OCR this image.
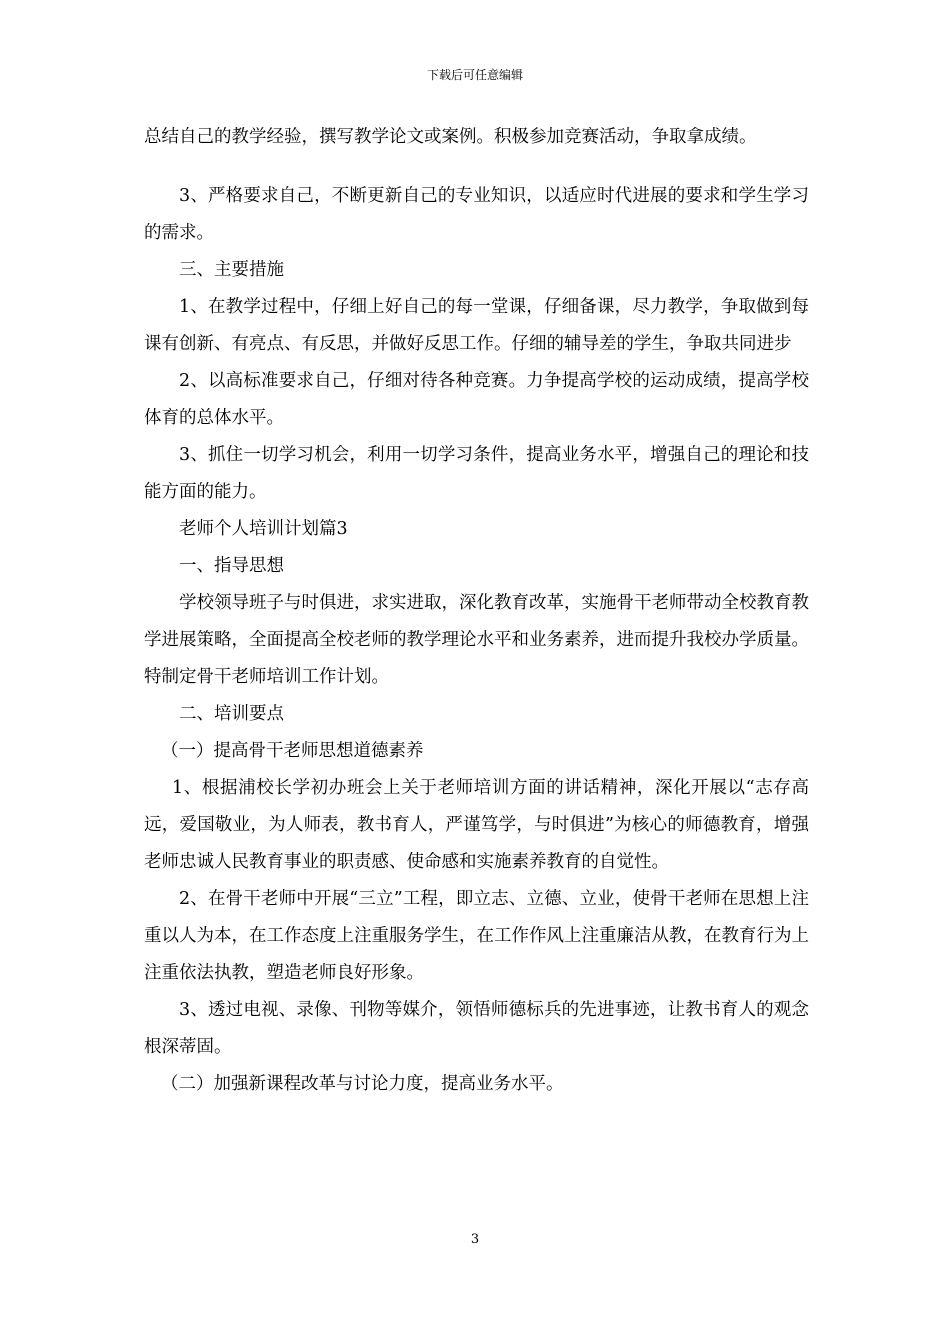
下载后可任意编辑

总结自己的教学经验，撰写教学论文或案例。积极参加竞赛活动，争取拿成绩。

3、严格要求自己，不断更新自己的专业知识，以适应时代进展的要求和学生学习的需求。

三、主要措施

1、在教学过程中，仔细上好自己的每一堂课，仔细备课，尽力教学，争取做到每课有创新、有亮点、有反思，并做好反思工作。仔细的辅导差的学生，争取共同进步

2、以高标准要求自己，仔细对待各种竞赛。力争提高学校的运动成绩，提高学校体育的总体水平。

3、抓住一切学习机会，利用一切学习条件，提高业务水平，增强自己的理论和技能方面的能力。

老师个人培训计划篇3

一、指导思想

学校领导班子与时俱进，求实进取，深化教育改革，实施骨干老师带动全校教育教学进展策略，全面提高全校老师的教学理论水平和业务素养，进而提升我校办学质量。特制定骨干老师培训工作计划。

二、培训要点

（一）提高骨干老师思想道德素养

1、根据浦校长学初办班会上关于老师培训方面的讲话精神，深化开展以“志存高远，爱国敬业，为人师表，教书育人，严谨笃学，与时俱进”为核心的师德教育，增强老师忠诚人民教育事业的职责感、使命感和实施素养教育的自觉性。

2、在骨干老师中开展“三立”工程，即立志、立德、立业，使骨干老师在思想上注重以人为本，在工作态度上注重服务学生，在工作作风上注重廉洁从教，在教育行为上注重依法执教，塑造老师良好形象。

3、透过电视、录像、刊物等媒介，领悟师德标兵的先进事迹，让教书育人的观念根深蒂固。

（二）加强新课程改革与讨论力度，提高业务水平。

3
